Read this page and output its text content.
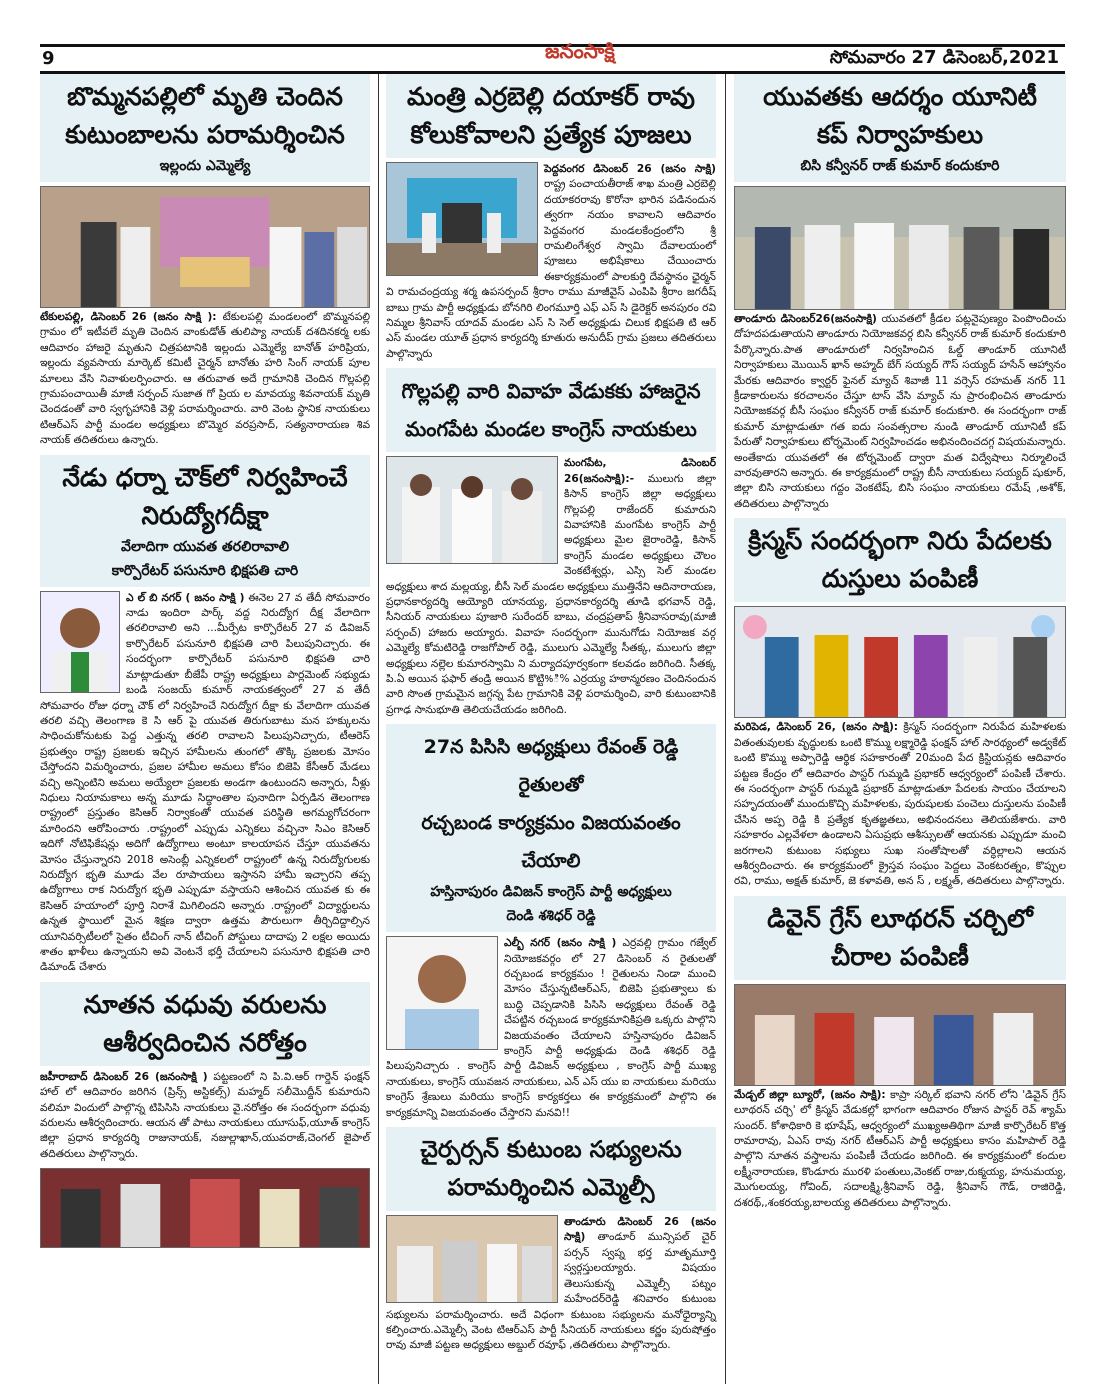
9	జనంసాక్షి	సోమవారం 27 డిసెంబర్,2021
బొమ్మనపల్లిలో మృతి చెందిన
కుటుంబాలను పరామర్శించిన
ఇల్లందు ఎమ్మెల్యే
టేకులపల్లి, డిసెంబర్ 26 (జనం సాక్షి ): టేకులపల్లి మండలంలో బొమ్మనపల్లి గ్రామం లో ఇటీవలే మృతి చెందిన వాంకుడోత్ తులిప్యా నాయక్ దశదినకర్మ లకు ఆదివారం హాజరై మృతుని చిత్రపటానికి ఇల్లందు ఎమ్మెల్యే బానోత్ హరిప్రియ, ఇల్లందు వ్యవసాయ మార్కెట్ కమిటీ చైర్మన్ బానోతు హరి సింగ్ నాయక్ పూల మాలలు వేసి నివాళులర్పించారు. ఆ తరువాత అదే గ్రామానికి చెందిన గొల్లపల్లి గ్రామపంచాయితీ మాజీ సర్పంచ్ సుజాత గో ప్రియ ల మావయ్య శివనాయక్ మృతి చెందడంతో వారి స్వగృహానికి వెళ్లి పరామర్శించారు. వారి వెంట స్థానిక నాయకులు టిఆర్ఎస్ పార్టీ మండల అధ్యక్షులు బొమ్మెర వరప్రసాద్, సత్యనారాయణ శివ నాయక్ తదితరులు ఉన్నారు.
నేడు ధర్నా చౌక్‌లో నిర్వహించే
నిరుద్యోగదీక్షా
వేలాదిగా యువత తరలిరావాలి
కార్పొరేటర్ పసునూరి భిక్షపతి చారి
ఎ ల్ బి నగర్ ( జనం సాక్షి ) ఈనెల 27 వ తేదీ సోమవారం నాడు ఇందిరా పార్క్ వద్ద నిరుద్యోగ దీక్ష వేలాదిగా తరలిరావాలి అని ...మీర్పేట కార్పొరేటర్ 27 వ డివిజన్ కార్పొరేటర్ పసునూరి భిక్షపతి చారి పిలుపునిచ్చారు. ఈ సందర్భంగా కార్పొరేటర్ పసునూరి భిక్షపతి చారి మాట్లాడుతూ బీజేపీ రాష్ట్ర అధ్యక్షులు పార్లమెంట్ సభ్యుడు బండి సంజయ్ కుమార్ నాయకత్వంలో 27 వ తేదీ సోమవారం రోజు ధర్నా చౌక్ లో నిర్వహించే నిరుద్యోగ దీక్షా కు వేలాదిగా యువత తరలి వచ్చి తెలంగాణ కె సి ఆర్ పై యువత తిరుగుబాటు మన హక్కులను సాధించుకోనుటకు పెద్ద ఎత్తున్న తరలి రావాలని పిలుపునిచ్చారు, టీఆరెస్ ప్రభుత్వం రాష్ట్ర ప్రజలకు ఇచ్చిన హామీలను తుంగలో తొక్కి ప్రజలకు మోసం చేస్తోందని విమర్శించారు, ప్రజల హామీల అమలు కోసం బిజెపి కేసీఆర్ మేడలు వచ్చి అన్నింటిని అమలు అయ్యేలా ప్రజలకు అండగా ఉంటుందని అన్నారు, నీళ్లు నిధులు నియామకాలు అన్న మూడు సిద్ధాంతాల పునాదిగా ఏర్పడిన తెలంగాణ రాష్ట్రంలో ప్రస్తుతం కెసిఆర్ నిర్వాకంతో యువత పరిస్థితి అగమ్యగోచరంగా మారిందని ఆరోపించారు .రాష్ట్రంలో ఎప్పుడు ఎన్నికలు వచ్చినా సిఎం కెసిఆర్ ఇదిగో నోటిఫికేషన్లు అదిగో ఉద్యోగాలు అంటూ కాలయాపన చేస్తూ యువతను మోసం చేస్తున్నారని 2018 అసెంబ్లీ ఎన్నికలలో రాష్ట్రంలో ఉన్న నిరుద్యోగులకు నిరుద్యోగ భృతి మూడు వేల రూపాయలు ఇస్తానని హామీ ఇచ్చారని తప్ప ఉద్యోగాలు రాక నిరుద్యోగ భృతి ఎప్పుడూ వస్తాయని ఆశించిన యువత కు ఈ కెసిఆర్ హయాంలో పూర్తి నిరాశే మిగిలిందని అన్నారు .రాష్ట్రంలో విద్యార్థులను ఉన్నత స్థాయిలో మైన శిక్షణ ద్వారా ఉత్తమ పౌరులుగా తీర్చిదిద్దాల్సిన యూనివర్సిటీలలో సైతం టీచింగ్ నాన్ టీచింగ్ పోస్టులు దాదాపు 2 లక్షల అయిదు శాతం ఖాళీలు ఉన్నాయని అవి వెంటనే భర్తీ చేయాలని పసునూరి భిక్షపతి చారి డిమాండ్ చేశారు
నూతన వధువు వరులను
ఆశీర్వదించిన నరోత్తం
జహీరాబాద్ డిసెంబర్ 26 (జనంసాక్షి ) పట్టణంలో ని పి.వి.ఆర్ గార్డెన్ ఫంక్షన్ హాల్ లో ఆదివారం జరిగిన (ప్రిన్స్ అస్టికల్స్) మహ్మద్ సలీమొద్దీన్ కుమారుని వలిమా విందులో పాల్గొన్న టిపిసిసి నాయకులు వై.నరోత్తం ఈ సందర్భంగా వధువు వరులను ఆశీర్వదించారు. ఆయన తో పాటు నాయకులు యూసుఫ్,యూత్ కాంగ్రెస్ జిల్లా ప్రధాన కార్యదర్శి రాజునాయక్, నజుల్లాఖాన్,యువరాజ్,చెంగల్ జైపాల్ తదితరులు పాల్గొన్నారు.
మంత్రి ఎర్రబెల్లి దయాకర్ రావు
కోలుకోవాలని ప్రత్యేక పూజలు
పెద్దవంగర డిసెంబర్ 26 (జనం సాక్షి) రాష్ట్ర పంచాయతీరాజ్ శాఖ మంత్రి ఎర్రబెల్లి దయాకరరావు కొరోనా భారిన పడినందున త్వరగా నయం కావాలని ఆదివారం పెద్దవంగర మండలకేంద్రంలోని శ్రీ రామలింగేశ్వర స్వామి దేవాలయంలో పూజలు అభిషేకాలు చేయించారు ఈకార్యక్రమంలో పాలకుర్తి దేవస్థానం ఛైర్మన్ వి రామచంద్రయ్య శర్మ ఉపసర్పంచ్ శ్రీరాం రాము మాజీవైస్ ఎంపిపి శ్రీరాం జగదీష్ బాబు గ్రామ పార్టీ అధ్యక్షుడు బోనగిరి లింగమూర్తి ఎఫ్ ఎస్ సి డైరెక్టర్ అనపురం రవి నిమ్మల శ్రీనివాస్ యాదవ్ మండల ఎస్ సి సెల్ అధ్యక్షుడు చిలుక భిక్షపతి టి ఆర్ ఎస్ మండల యూత్ ప్రధాన కార్యదర్శి కూతురు అనుదీప్ గ్రామ ప్రజలు తదితరులు పాల్గొన్నారు
గొల్లపల్లి వారి వివాహ వేడుకకు హాజరైన
మంగపేట మండల కాంగ్రెస్ నాయకులు
మంగపేట, డిసెంబర్ 26(జనంసాక్షి):- ములుగు జిల్లా కిసాన్ కాంగ్రెస్ జిల్లా అధ్యక్షులు గొల్లపల్లి రాజేందర్ కుమారుని వివాహానికి మంగపేట కాంగ్రెస్ పార్టీ అధ్యక్షులు మైల జైరాంరెడ్డి, కిసాన్ కాంగ్రెస్ మండల అధ్యక్షులు చౌలం వెంకటేశ్వర్లు, ఎస్సి సెల్ మండల అధ్యక్షులు శాద మల్లయ్య, బీసీ సెల్ మండల అధ్యక్షులు ముత్తినేని ఆదినారాయణ, ప్రధానకార్యదర్శి ఆయ్యోరి యానయ్య, ప్రధానకార్యదర్శి తూడి భగవాన్ రెడ్డి, సీనియర్ నాయకులు పూజారి సురేందర్ బాబు, చంద్రప్రతాప్ శ్రీనివాసరావు(మాజీ సర్పంచ్) హాజరు అయ్యారు. వివాహ సందర్భంగా మునుగోడు నియోజక వర్గ ఎమ్మెల్యే కోమటిరెడ్డి రాజగోపాల్ రెడ్డి, ములుగు ఎమ్మెల్యే సీతక్క, ములుగు జిల్లా అధ్యక్షులు నల్లెల కుమారస్వామి ని మర్యాదపూర్వకంగా కలవడం జరిగింది. సీతక్క పి.ఏ అయిన ఫఫార్ తండ్రి అయిన కొట్టి%ి% ఎర్రయ్య హఠాన్మరణం చెందినందున వారి సొంత గ్రామమైన జగ్గన్న పేట గ్రామానికి వెళ్లి పరామర్శించి, వారి కుటుంబానికి ప్రగాఢ సానుభూతి తెలియచేయడం జరిగింది.
27న పిసిసి అధ్యక్షులు రేవంత్ రెడ్డి రైతులతో
రచ్చబండ కార్యక్రమం విజయవంతం చేయాలి
హస్తినాపురం డివిజన్ కాంగ్రెస్ పార్టీ అధ్యక్షులు
దెండి శశిధర్ రెడ్డి
ఎల్బీ నగర్ (జనం సాక్షి ) ఎర్రవల్లి గ్రామం గజ్వేల్ నియోజకవర్గం లో 27 డిసెంబర్ న రైతులతో రచ్చబండ కార్యక్రమం ! రైతులను నిండా ముంచి మోసం చేస్తున్నటిఆర్ఎస్, బిజెపి ప్రభుత్వాలు కు బుద్ధి చెప్పడానికి పిసిసి అధ్యక్షులు రేవంత్ రెడ్డి చేపట్టిన రచ్చబండ కార్యక్రమానికిప్రతి ఒక్కరు పాల్గొని విజయవంతం చేయాలని హస్తినాపురం డివిజన్ కాంగ్రెస్ పార్టీ అధ్యక్షుడు దెండి శశిధర్ రెడ్డి పిలుపునిచ్చారు . కాంగ్రెస్ పార్టీ డివిజన్ అధ్యక్షులు , కాంగ్రెస్ పార్టీ ముఖ్య నాయకులు, కాంగ్రెస్ యువజన నాయకులు, ఎన్ ఎస్ యు ఐ నాయకులు మరియు కాంగ్రెస్ శ్రేణులు మరియు కాంగ్రెస్ కార్యకర్తలు ఈ కార్యక్రమంలో పాల్గొని ఈ కార్యక్రమాన్ని విజయవంతం చేస్తారని మనవి!!
చైర్పర్సన్ కుటుంబ సభ్యులను
పరామర్శించిన ఎమ్మెల్సీ
తాండూరు డిసెంబర్ 26 (జనం సాక్షి) తాండూర్ మున్సిపల్ చైర్ పర్సన్ స్వప్న భర్త మాతృమూర్తి స్వర్గస్తులయ్యారు. విషయం తెలుసుకున్న ఎమ్మెల్సీ పట్నం మహేందర్‌రెడ్డి శనివారం కుటుంబ సభ్యులను పరామర్శించారు. అదే విధంగా కుటుంబ సభ్యులను మనోధైర్యాన్ని కల్పించారు.ఎమ్మెల్సీ వెంట టిఆర్ఎస్ పార్టీ సీనియర్ నాయకులు కర్ణం పురుషోత్తం రావు మాజీ పట్టణ అధ్యక్షులు అబ్దుల్ రవూఫ్ ,తదితరులు పాల్గొన్నారు.
యువతకు ఆదర్శం యూనిటీ
కప్ నిర్వాహకులు
బిసి కన్వీనర్ రాజ్ కుమార్ కందుకూరి
తాండూరు డిసెంబర్26(జనంసాక్షి) యువతలో క్రీడల పట్లనైపుణ్యం పెంపొందించు దోహదపడుతాయని తాండూరు నియోజకవర్గ బిసి కన్వీనర్ రాజ్ కుమార్ కందుకూరి పేర్కొన్నారు.పాత తాండూరులో నిర్వహించిన ఓల్డ్ తాండూర్ యూనిటీ నిర్వాహకులు మొయిన్ ఖాన్ అహ్మద్ బేగ్ సయ్యద్ గౌస్ సయ్యద్ హసేన్ ఆహ్వానం మేరకు ఆదివారం క్వార్టర్ ఫైనల్ మ్యాచ్ శివాజీ 11 వర్సెస్ రహమత్ నగర్ 11 క్రీడాకారులను కరచాలనం చేస్తూ టాస్ వేసి మ్యాచ్ ను ప్రారంభించిన తాండూరు నియోజకవర్గ బీసీ సంఘం కన్వీనర్ రాజ్ కుమార్ కందుకూరి. ఈ సందర్భంగా రాజ్ కుమార్ మాట్లాడుతూ గత ఐదు సంవత్సరాల నుండి తాండూర్ యూనిటీ కప్ పేరుతో నిర్వాహకులు టోర్నమెంట్ నిర్వహించడం అభినందించదగ్గ విషయమన్నారు. అంతేకాదు యువతలో ఈ టోర్నమెంట్ ద్వారా మత విద్వేషాలు నిర్మూలించే వారవుతారని అన్నారు. ఈ కార్యక్రమంలో రాష్ట్ర బీసీ నాయకులు సయ్యద్ షుకూర్, జిల్లా బిసి నాయకులు గద్దం వెంకటేష్, బిసి సంఘం నాయకులు రమేష్ ,అశోక్, తదితరులు పాల్గొన్నారు
క్రిస్మస్ సందర్భంగా నిరు పేదలకు
దుస్తులు పంపిణీ
మరిపెడ, డిసెంబర్ 26, (జనం సాక్షి): క్రిస్మస్ సందర్భంగా నిరుపేద మహిళలకు వితంతువులకు వృద్ధులకు ఒంటి కొమ్ము లక్ష్మారెడ్డి ఫంక్షన్ హాల్ సారథ్యంలో అడ్వకేట్ ఒంటి కొమ్ము అప్పారెడ్డి ఆర్థిక సహకారంతో 20మంది పేద క్రిస్టియన్లకు ఆదివారం పట్టణ కేంద్రం లో ఆదివారం పాస్టర్ గుమ్మడి ప్రభాకర్ ఆధ్వర్యంలో పంపిణీ చేశారు. ఈ సందర్భంగా పాస్టర్ గుమ్మడి ప్రభాకర్ మాట్లాడుతూ పేదలకు సాయం చేయాలని సహృదయంతో ముందుకొచ్చి మహిళలకు, పురుషులకు పంచెలు దుస్తులను పంపిణీ చేసిన అప్ప రెడ్డి కి ప్రత్యేక కృతజ్ఞతలు, అభినందనలు తెలియజేశారు. వారి సహకారం ఎల్లవేళలా ఉండాలని ఏసుప్రభు ఆశీస్సులతో ఆయనకు ఎప్పుడూ మంచి జరగాలని కుటుంబ సభ్యులు సుఖ సంతోషాలతో వర్ధిల్లాలని ఆయన ఆశీర్వదించారు. ఈ కార్యక్రమంలో క్రైస్తవ సంఘం పెద్దలు వెంకటరత్నం, కొప్పుల రవి, రాము, అక్షత్ కుమార్, జె కళావతి, అన స్ , లక్ష్మత్, తదితరులు పాల్గొన్నారు.
డివైన్ గ్రేస్ లూథరన్ చర్చిలో
చీరాల పంపిణీ
మేడ్చల్ జిల్లా బ్యూరో, (జనం సాక్షి): కాప్రా సర్కిల్ భవాని నగర్ లోని 'డివైన్ గ్రేస్ లూథరన్ చర్చి' లో క్రిస్మస్ వేడుకల్లో భాగంగా ఆదివారం రోజున పాస్టర్ రెవ్ శ్యామ్ సుందర్. కోశాధికారి కె భూషేష్, ఆధ్వర్యంలో ముఖ్యఅతిథిగా మాజీ కార్పొరేటర్ కొత్త రామారావు, ఏఎస్ రావు నగర్ టీఆర్ఎస్ పార్టీ అధ్యక్షులు కాసం మహిపాల్ రెడ్డి పాల్గొని నూతన వస్త్రాలను పంపిణీ చేయడం జరిగింది. ఈ కార్యక్రమంలో కందుల లక్ష్మీనారాయణ, కొండూరు మురళి పంతులు,వెంకట్ రాజు,రుక్మయ్య, హనుమయ్య, మొగులయ్య, గోవింద్, సదాలక్ష్మి,శ్రీనివాస్ రెడ్డి, శ్రీనివాస్ గౌడ్, రాజిరెడ్డి, దశరథ్,,శంకరయ్య,బాలయ్య తదితరులు పాల్గొన్నారు.
